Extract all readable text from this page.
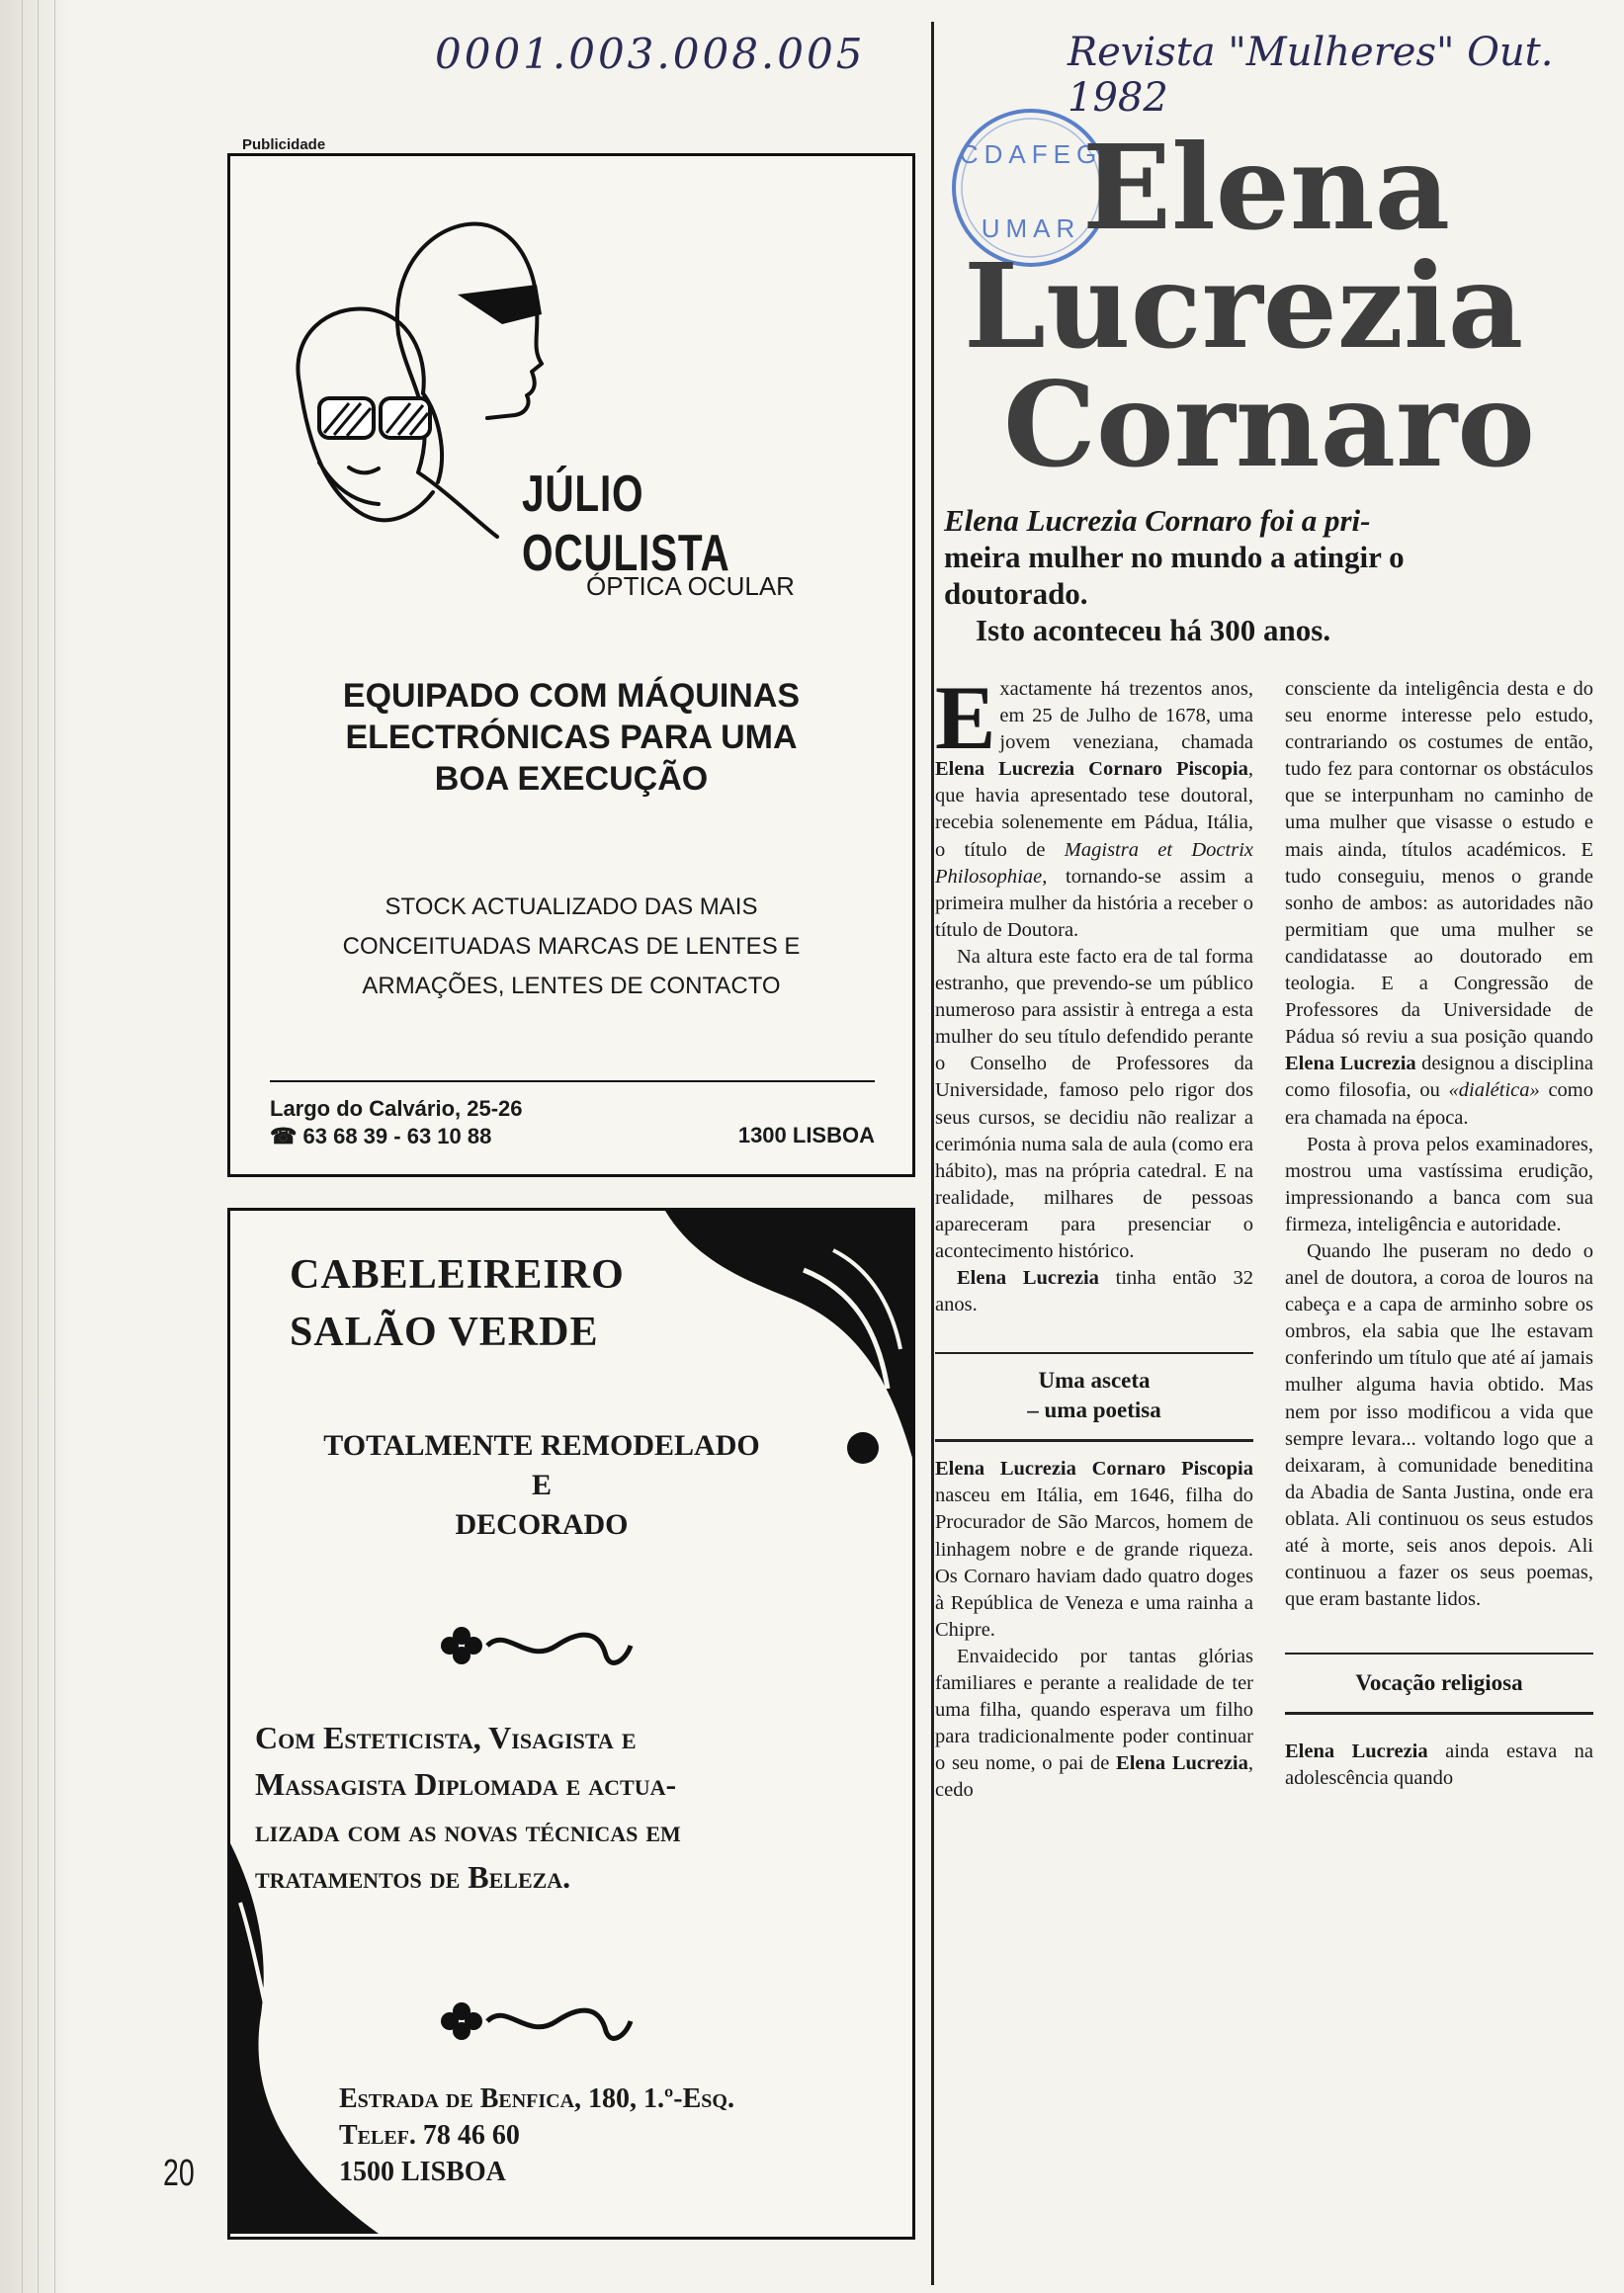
0001.003.008.005	Revista "Mulheres" Out. 1982
Publicidade
JÚLIO OCULISTA
ÓPTICA OCULAR
EQUIPADO COM MÁQUINAS
ELECTRÓNICAS PARA UMA
BOA EXECUÇÃO
STOCK ACTUALIZADO DAS MAIS
CONCEITUADAS MARCAS DE LENTES E
ARMAÇÕES, LENTES DE CONTACTO
Largo do Calvário, 25-26
☎ 63 68 39 - 63 10 88	1300 LISBOA
CABELEIREIRO
SALÃO VERDE
TOTALMENTE REMODELADO
E
DECORADO
Com Esteticista, Visagista e
Massagista Diplomada e actua-
lizada com as novas técnicas em
tratamentos de Beleza.
Estrada de Benfica, 180, 1.º-Esq.
Telef. 78 46 60
1500 LISBOA
20
CDAFEG
UMAR Elena
Lucrezia
Cornaro
Elena Lucrezia Cornaro foi a pri-
meira mulher no mundo a atingir o
doutorado.
Isto aconteceu há 300 anos.

Exactamente há trezentos anos, em 25 de Julho de 1678, uma jovem veneziana, chamada Elena Lucrezia Cornaro Piscopia, que havia apresentado tese doutoral, recebia solenemente em Pádua, Itália, o título de Magistra et Doctrix Philosophiae, tornando-se assim a primeira mulher da história a receber o título de Doutora.

Na altura este facto era de tal forma estranho, que prevendo-se um público numeroso para assistir à entrega a esta mulher do seu título defendido perante o Conselho de Professores da Universidade, famoso pelo rigor dos seus cursos, se decidiu não realizar a cerimónia numa sala de aula (como era hábito), mas na própria catedral. E na realidade, milhares de pessoas apareceram para presenciar o acontecimento histórico.

Elena Lucrezia tinha então 32 anos.

Uma asceta
– uma poetisa

Elena Lucrezia Cornaro Piscopia nasceu em Itália, em 1646, filha do Procurador de São Marcos, homem de linhagem nobre e de grande riqueza. Os Cornaro haviam dado quatro doges à República de Veneza e uma rainha a Chipre.

Envaidecido por tantas glórias familiares e perante a realidade de ter uma filha, quando esperava um filho para tradicionalmente poder continuar o seu nome, o pai de Elena Lucrezia, cedo

consciente da inteligência desta e do seu enorme interesse pelo estudo, contrariando os costumes de então, tudo fez para contornar os obstáculos que se interpunham no caminho de uma mulher que visasse o estudo e mais ainda, títulos académicos. E tudo conseguiu, menos o grande sonho de ambos: as autoridades não permitiam que uma mulher se candidatasse ao doutorado em teologia. E a Congressão de Professores da Universidade de Pádua só reviu a sua posição quando Elena Lucrezia designou a disciplina como filosofia, ou «dialética» como era chamada na época.

Posta à prova pelos examinadores, mostrou uma vastíssima erudição, impressionando a banca com sua firmeza, inteligência e autoridade.

Quando lhe puseram no dedo o anel de doutora, a coroa de louros na cabeça e a capa de arminho sobre os ombros, ela sabia que lhe estavam conferindo um título que até aí jamais mulher alguma havia obtido. Mas nem por isso modificou a vida que sempre levara... voltando logo que a deixaram, à comunidade beneditina da Abadia de Santa Justina, onde era oblata. Ali continuou os seus estudos até à morte, seis anos depois. Ali continuou a fazer os seus poemas, que eram bastante lidos.

Vocação religiosa

Elena Lucrezia ainda estava na adolescência quando
